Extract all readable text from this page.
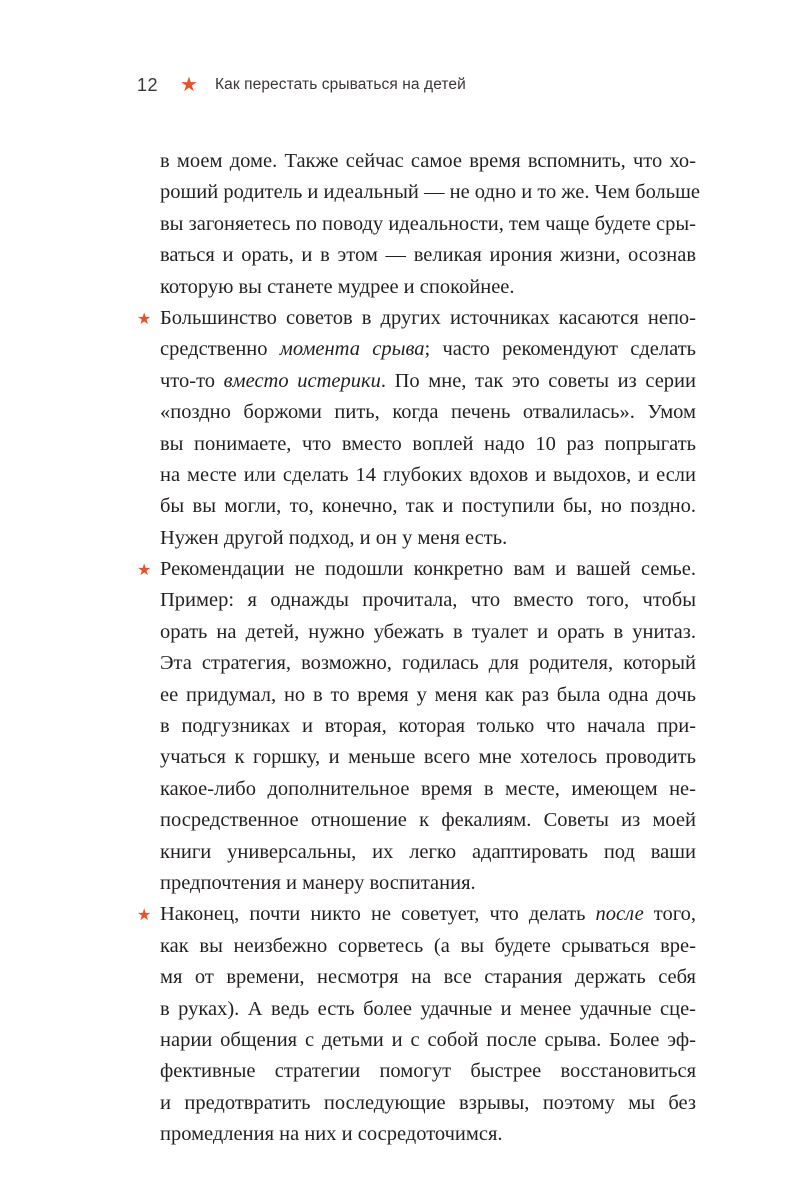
12 ★ Как перестать срываться на детей
в моем доме. Также сейчас самое время вспомнить, что хо-
роший родитель и идеальный — не одно и то же. Чем больше
вы загоняетесь по поводу идеальности, тем чаще будете сры-
ваться и орать, и в этом — великая ирония жизни, осознав
которую вы станете мудрее и спокойнее.
★ Большинство советов в других источниках касаются непо-
средственно момента срыва; часто рекомендуют сделать
что-то вместо истерики. По мне, так это советы из серии
«поздно боржоми пить, когда печень отвалилась». Умом
вы понимаете, что вместо воплей надо 10 раз попрыгать
на месте или сделать 14 глубоких вдохов и выдохов, и если
бы вы могли, то, конечно, так и поступили бы, но поздно.
Нужен другой подход, и он у меня есть.
★ Рекомендации не подошли конкретно вам и вашей семье.
Пример: я однажды прочитала, что вместо того, чтобы
орать на детей, нужно убежать в туалет и орать в унитаз.
Эта стратегия, возможно, годилась для родителя, который
ее придумал, но в то время у меня как раз была одна дочь
в подгузниках и вторая, которая только что начала при-
учаться к горшку, и меньше всего мне хотелось проводить
какое-либо дополнительное время в месте, имеющем не-
посредственное отношение к фекалиям. Советы из моей
книги универсальны, их легко адаптировать под ваши
предпочтения и манеру воспитания.
★ Наконец, почти никто не советует, что делать после того,
как вы неизбежно сорветесь (а вы будете срываться вре-
мя от времени, несмотря на все старания держать себя
в руках). А ведь есть более удачные и менее удачные сце-
нарии общения с детьми и с собой после срыва. Более эф-
фективные стратегии помогут быстрее восстановиться
и предотвратить последующие взрывы, поэтому мы без
промедления на них и сосредоточимся.
